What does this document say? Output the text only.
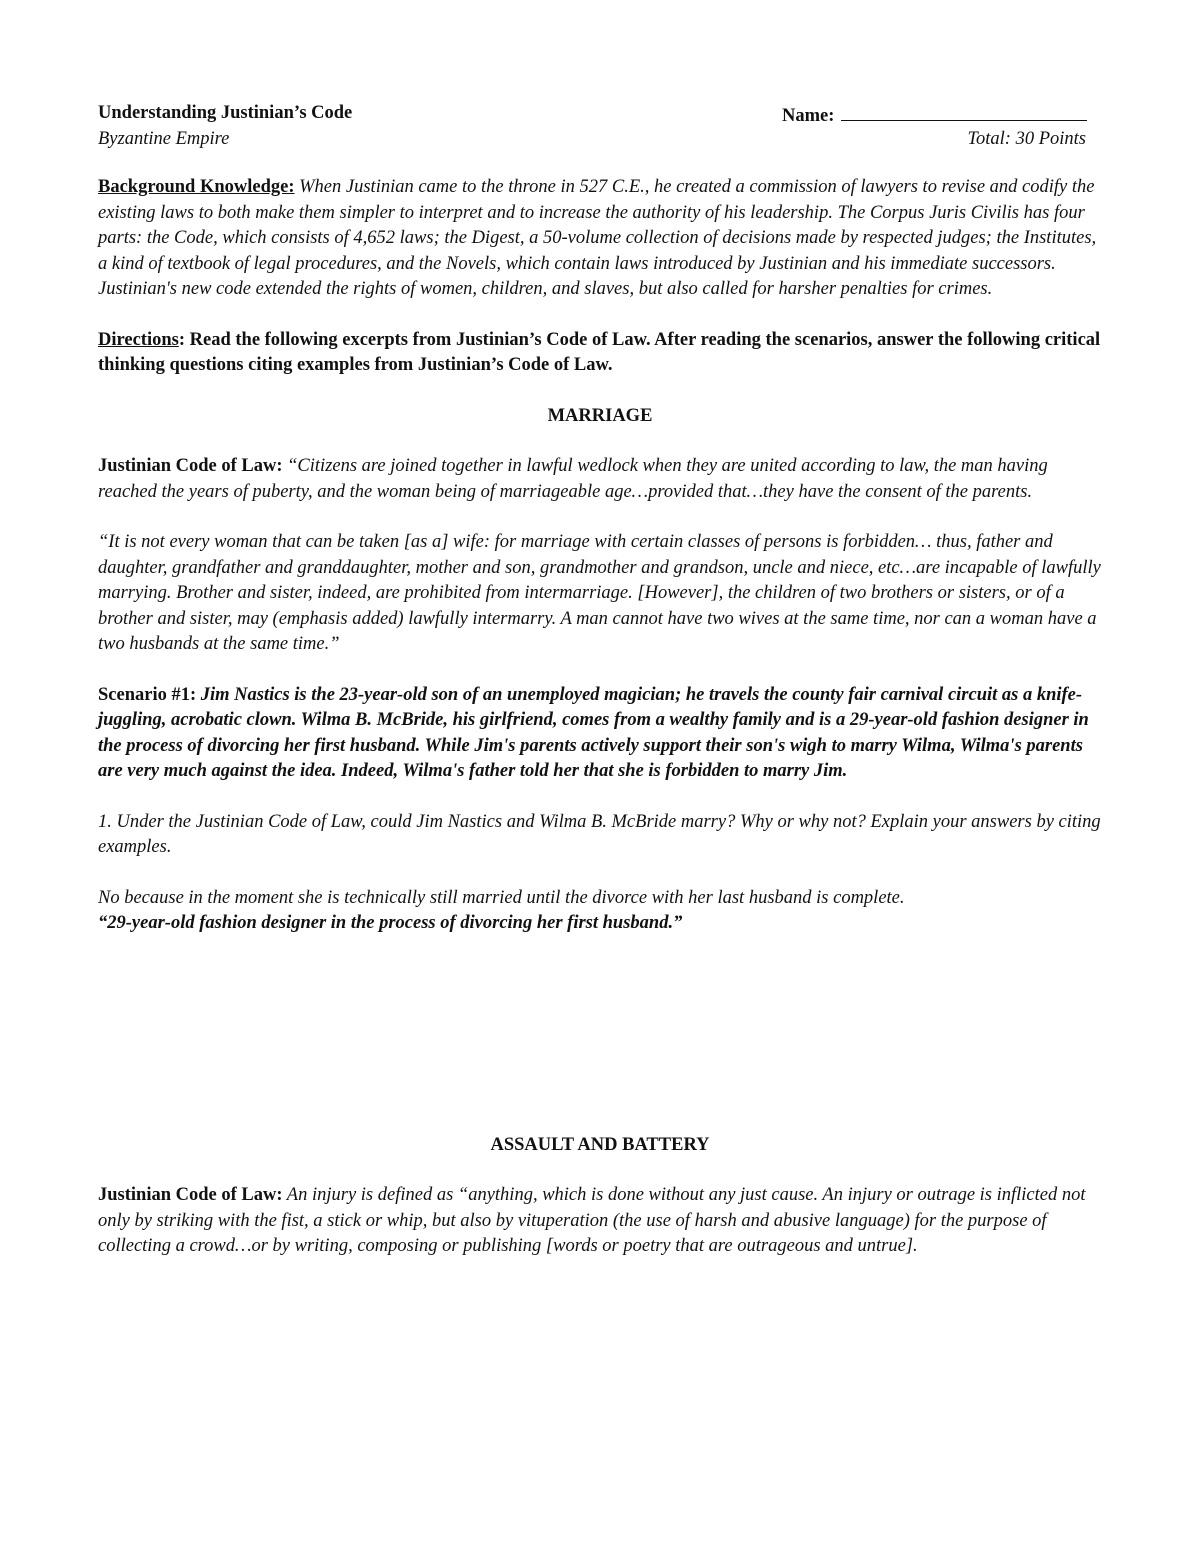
Understanding Justinian’s Code	Name:
Byzantine Empire	Total: 30 Points

Background Knowledge: When Justinian came to the throne in 527 C.E., he created a commission of lawyers to revise and codify the existing laws to both make them simpler to interpret and to increase the authority of his leadership. The Corpus Juris Civilis has four parts: the Code, which consists of 4,652 laws; the Digest, a 50-volume collection of decisions made by respected judges; the Institutes, a kind of textbook of legal procedures, and the Novels, which contain laws introduced by Justinian and his immediate successors. Justinian's new code extended the rights of women, children, and slaves, but also called for harsher penalties for crimes.

Directions: Read the following excerpts from Justinian’s Code of Law. After reading the scenarios, answer the following critical thinking questions citing examples from Justinian’s Code of Law.

MARRIAGE

Justinian Code of Law: “Citizens are joined together in lawful wedlock when they are united according to law, the man having reached the years of puberty, and the woman being of marriageable age…provided that…they have the consent of the parents.

“It is not every woman that can be taken [as a] wife: for marriage with certain classes of persons is forbidden… thus, father and daughter, grandfather and granddaughter, mother and son, grandmother and grandson, uncle and niece, etc…are incapable of lawfully marrying. Brother and sister, indeed, are prohibited from intermarriage. [However], the children of two brothers or sisters, or of a brother and sister, may (emphasis added) lawfully intermarry. A man cannot have two wives at the same time, nor can a woman have a two husbands at the same time.”

Scenario #1: Jim Nastics is the 23-year-old son of an unemployed magician; he travels the county fair carnival circuit as a knife-juggling, acrobatic clown. Wilma B. McBride, his girlfriend, comes from a wealthy family and is a 29-year-old fashion designer in the process of divorcing her first husband. While Jim's parents actively support their son's wigh to marry Wilma, Wilma's parents are very much against the idea. Indeed, Wilma's father told her that she is forbidden to marry Jim.

1. Under the Justinian Code of Law, could Jim Nastics and Wilma B. McBride marry? Why or why not? Explain your answers by citing examples.

No because in the moment she is technically still married until the divorce with her last husband is complete.
“29-year-old fashion designer in the process of divorcing her first husband.”

ASSAULT AND BATTERY

Justinian Code of Law: An injury is defined as “anything, which is done without any just cause. An injury or outrage is inflicted not only by striking with the fist, a stick or whip, but also by vituperation (the use of harsh and abusive language) for the purpose of collecting a crowd…or by writing, composing or publishing [words or poetry that are outrageous and untrue].
